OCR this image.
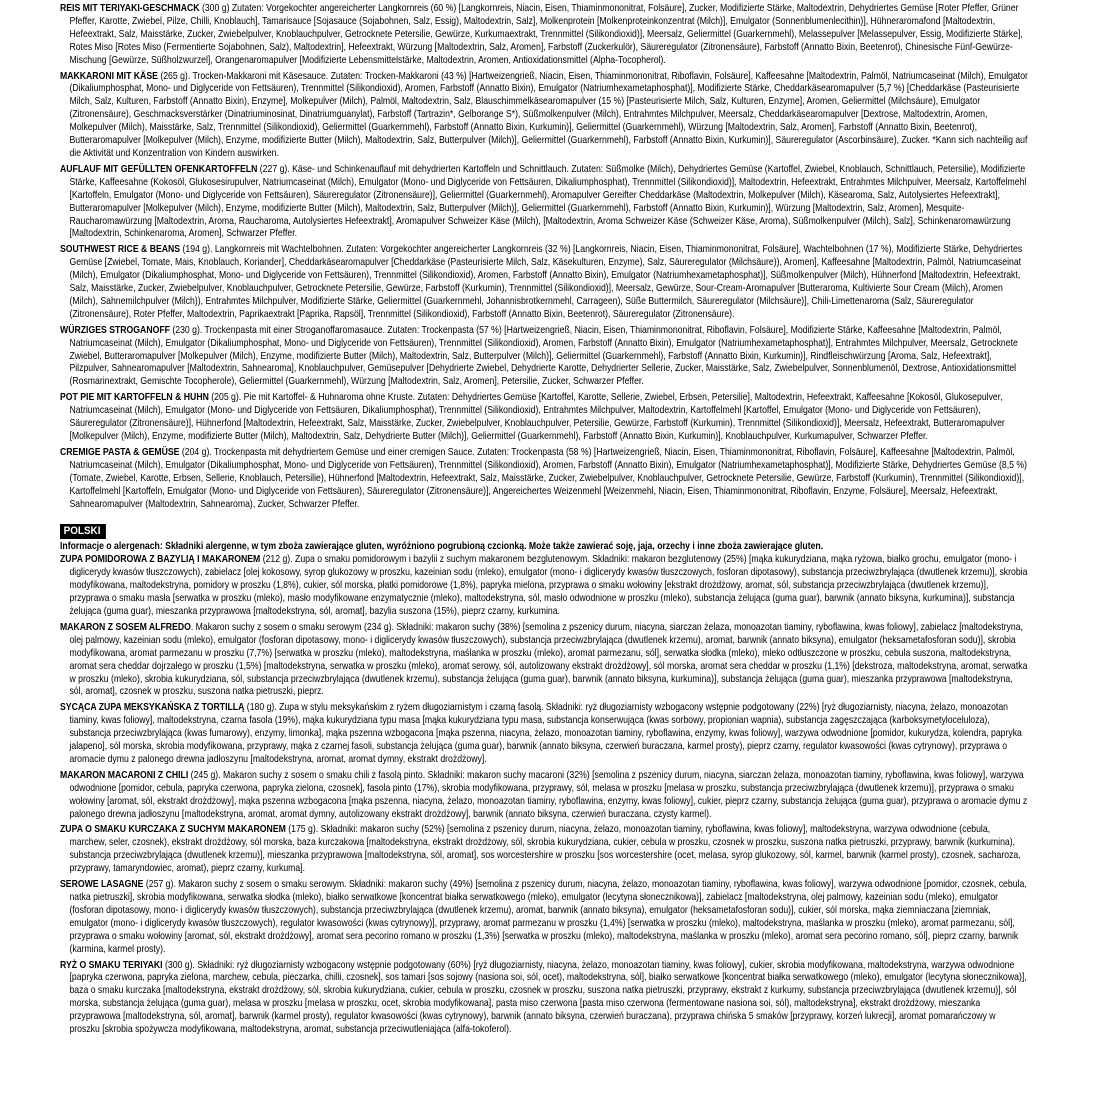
REIS MIT TERIYAKI-GESCHMACK (300 g) Zutaten: Vorgekochter angereicherter Langkornreis (60 %) [Langkornreis, Niacin, Eisen, Thiaminmononitrat, Folsäure], Zucker, Modifizierte Stärke, Maltodextrin, Dehydriertes Gemüse [Roter Pfeffer, Grüner Pfeffer, Karotte, Zwiebel, Pilze, Chilli, Knoblauch], Tamarisauce [Sojasauce (Sojabohnen, Salz, Essig), Maltodextrin, Salz], Molkenprotein [Molkenproteinkonzentrat (Milch)], Emulgator (Sonnenblumenlecithin)], Hühneraromafond [Maltodextrin, Hefeextrakt, Salz, Maisstärke, Zucker, Zwiebelpulver, Knoblauchpulver, Getrocknete Petersilie, Gewürze, Kurkumaextrakt, Trennmittel (Silikondioxid)], Meersalz, Geliermittel (Guarkernmehl), Melassepulver [Melassepulver, Essig, Modifizierte Stärke], Rotes Miso [Rotes Miso (Fermentierte Sojabohnen, Salz), Maltodextrin], Hefeextrakt, Würzung [Maltodextrin, Salz, Aromen], Farbstoff (Zuckerkulör), Säureregulator (Zitronensäure), Farbstoff (Annatto Bixin, Beetenrot), Chinesische Fünf-Gewürze-Mischung [Gewürze, Süßholzwurzel], Orangenaromapulver [Modifizierte Lebensmittelstärke, Maltodextrin, Aromen, Antioxidationsmittel (Alpha-Tocopherol).

MAKKARONI MIT KÄSE (265 g). Trocken-Makkaroni mit Käsesauce. Zutaten: Trocken-Makkaroni (43 %) [Hartweizengrieß, Niacin, Eisen, Thiaminmononitrat, Riboflavin, Folsäure], Kaffeesahne [Maltodextrin, Palmöl, Natriumcaseinat (Milch), Emulgator (Dikaliumphosphat, Mono- und Diglyceride von Fettsäuren), Trennmittel (Silikondioxid), Aromen, Farbstoff (Annatto Bixin), Emulgator (Natriumhexametaphosphat)], Modifizierte Stärke, Cheddarkäsearomapulver (5,7 %) [Cheddarkäse (Pasteurisierte Milch, Salz, Kulturen, Farbstoff (Annatto Bixin), Enzyme], Molkepulver (Milch), Palmöl, Maltodextrin, Salz, Blauschimmelkäsearomapulver (15 %) [Pasteurisierte Milch, Salz, Kulturen, Enzyme], Aromen, Geliermittel (Milchsäure), Emulgator (Zitronensäure), Geschmacksverstärker (Dinatriuminosinat, Dinatriumguanylat), Farbstoff (Tartrazin*, Gelborange S*), Süßmolkenpulver (Milch), Entrahmtes Milchpulver, Meersalz, Cheddarkäsearomapulver [Dextrose, Maltodextrin, Aromen, Molkepulver (Milch), Maisstärke, Salz, Trennmittel (Silikondioxid), Geliermittel (Guarkernmehl), Farbstoff (Annatto Bixin, Kurkumin)], Geliermittel (Guarkernmehl), Würzung [Maltodextrin, Salz, Aromen], Farbstoff (Annatto Bixin, Beetenrot), Butteraromapulver [Molkepulver (Milch), Enzyme, modifizierte Butter (Milch), Maltodextrin, Salz, Butterpulver (Milch)], Geliermittel (Guarkernmehl), Farbstoff (Annatto Bixin, Kurkumin)], Säureregulator (Ascorbinsäure), Zucker. *Kann sich nachteilig auf die Aktivität und Konzentration von Kindern auswirken.

AUFLAUF MIT GEFÜLLTEN OFENKARTOFFELN (227 g). Käse- und Schinkenauflauf mit dehydrierten Kartoffeln und Schnittlauch. Zutaten: Süßmolke (Milch), Dehydriertes Gemüse (Kartoffel, Zwiebel, Knoblauch, Schnittlauch, Petersilie), Modifizierte Stärke, Kaffeesahne (Kokosöl, Glukosesirupulver, Natriumcaseinat (Milch), Emulgator (Mono- und Diglyceride von Fettsäuren, Dikaliumphosphat), Trennmittel (Silikondioxid)], Maltodextrin, Hefeextrakt, Entrahmtes Milchpulver, Meersalz, Kartoffelmehl [Kartoffeln, Emulgator (Mono- und Diglyceride von Fettsäuren), Säureregulator (Zitronensäure)], Geliermittel (Guarkernmehl), Aromapulver Gereifter Cheddarkäse (Maltodextrin, Molkepulver (Milch), Käsearoma, Salz, Autolysiertes Hefeextrakt], Butteraromapulver [Molkepulver (Milch), Enzyme, modifizierte Butter (Milch), Maltodextrin, Salz, Butterpulver (Milch)], Geliermittel (Guarkernmehl), Farbstoff (Annatto Bixin, Kurkumin)], Würzung [Maltodextrin, Salz, Aromen], Mesquite-Raucharomawürzung [Maltodextrin, Aroma, Raucharoma, Autolysiertes Hefeextrakt], Aromapulver Schweizer Käse (Milch), [Maltodextrin, Aroma Schweizer Käse (Schweizer Käse, Aroma), Süßmolkenpulver (Milch), Salz], Schinkenaromawürzung [Maltodextrin, Schinkenaroma, Aromen], Schwarzer Pfeffer.

SOUTHWEST RICE & BEANS (194 g). Langkornreis mit Wachtelbohnen. Zutaten: Vorgekochter angereicherter Langkornreis (32 %) [Langkornreis, Niacin, Eisen, Thiaminmononitrat, Folsäure], Wachtelbohnen (17 %), Modifizierte Stärke, Dehydriertes Gemüse [Zwiebel, Tomate, Mais, Knoblauch, Koriander], Cheddarkäsearomapulver [Cheddarkäse (Pasteurisierte Milch, Salz, Käsekulturen, Enzyme), Salz, Säureregulator (Milchsäure)), Aromen], Kaffeesahne [Maltodextrin, Palmöl, Natriumcaseinat (Milch), Emulgator (Dikaliumphosphat, Mono- und Diglyceride von Fettsäuren), Trennmittel (Silikondioxid), Aromen, Farbstoff (Annatto Bixin), Emulgator (Natriumhexametaphosphat)], Süßmolkenpulver (Milch), Hühnerfond [Maltodextrin, Hefeextrakt, Salz, Maisstärke, Zucker, Zwiebelpulver, Knoblauchpulver, Getrocknete Petersilie, Gewürze, Farbstoff (Kurkumin), Trennmittel (Silikondioxid)], Meersalz, Gewürze, Sour-Cream-Aromapulver [Butteraroma, Kultivierte Sour Cream (Milch), Aromen (Milch), Sahnemilchpulver (Milch)), Entrahmtes Milchpulver, Modifizierte Stärke, Geliermittel (Guarkernmehl, Johannisbrotkernmehl, Carrageen), Süße Buttermilch, Säureregulator (Milchsäure)], Chili-Limettenaroma (Salz, Säureregulator (Zitronensäure), Roter Pfeffer, Maltodextrin, Paprikaextrakt [Paprika, Rapsöl], Trennmittel (Silikondioxid), Farbstoff (Annatto Bixin, Beetenrot), Säureregulator (Zitronensäure).

WÜRZIGES STROGANOFF (230 g). Trockenpasta mit einer Stroganoffaromasauce. Zutaten: Trockenpasta (57 %) [Hartweizengrieß, Niacin, Eisen, Thiaminmononitrat, Riboflavin, Folsäure], Modifizierte Stärke, Kaffeesahne [Maltodextrin, Palmöl, Natriumcaseinat (Milch), Emulgator (Dikaliumphosphat, Mono- und Diglyceride von Fettsäuren), Trennmittel (Silikondioxid), Aromen, Farbstoff (Annatto Bixin), Emulgator (Natriumhexametaphosphat)], Entrahmtes Milchpulver, Meersalz, Getrocknete Zwiebel, Butteraromapulver [Molkepulver (Milch), Enzyme, modifizierte Butter (Milch), Maltodextrin, Salz, Butterpulver (Milch)], Geliermittel (Guarkernmehl), Farbstoff (Annatto Bixin, Kurkumin)], Rindfleischwürzung [Aroma, Salz, Hefeextrakt], Pilzpulver, Sahnearomapulver [Maltodextrin, Sahnearoma], Knoblauchpulver, Gemüsepulver [Dehydrierte Zwiebel, Dehydrierte Karotte, Dehydrierter Sellerie, Zucker, Maisstärke, Salz, Zwiebelpulver, Sonnenblumenöl, Dextrose, Antioxidationsmittel (Rosmarinextrakt, Gemischte Tocopherole), Geliermittel (Guarkernmehl), Würzung [Maltodextrin, Salz, Aromen], Petersilie, Zucker, Schwarzer Pfeffer.

POT PIE MIT KARTOFFELN & HUHN (205 g). Pie mit Kartoffel- & Huhnaroma ohne Kruste. Zutaten: Dehydriertes Gemüse [Kartoffel, Karotte, Sellerie, Zwiebel, Erbsen, Petersilie], Maltodextrin, Hefeextrakt, Kaffeesahne [Kokosöl, Glukosepulver, Natriumcaseinat (Milch), Emulgator (Mono- und Diglyceride von Fettsäuren, Dikaliumphosphat), Trennmittel (Silikondioxid), Entrahmtes Milchpulver, Maltodextrin, Kartoffelmehl [Kartoffel, Emulgator (Mono- und Diglyceride von Fettsäuren), Säureregulator (Zitronensäure)], Hühnerfond [Maltodextrin, Hefeextrakt, Salz, Maisstärke, Zucker, Zwiebelpulver, Knoblauchpulver, Petersilie, Gewürze, Farbstoff (Kurkumin), Trennmittel (Silikondioxid)], Meersalz, Hefeextrakt, Butteraromapulver [Molkepulver (Milch), Enzyme, modifizierte Butter (Milch), Maltodextrin, Salz, Dehydrierte Butter (Milch)], Geliermittel (Guarkernmehl), Farbstoff (Annatto Bixin, Kurkumin)], Knoblauchpulver, Kurkumapulver, Schwarzer Pfeffer.

CREMIGE PASTA & GEMÜSE (204 g). Trockenpasta mit dehydriertem Gemüse und einer cremigen Sauce. Zutaten: Trockenpasta (58 %) [Hartweizengrieß, Niacin, Eisen, Thiaminmononitrat, Riboflavin, Folsäure], Kaffeesahne [Maltodextrin, Palmöl, Natriumcaseinat (Milch), Emulgator (Dikaliumphosphat, Mono- und Diglyceride von Fettsäuren), Trennmittel (Silikondioxid), Aromen, Farbstoff (Annatto Bixin), Emulgator (Natriumhexametaphosphat)], Modifizierte Stärke, Dehydriertes Gemüse (8,5 %) (Tomate, Zwiebel, Karotte, Erbsen, Sellerie, Knoblauch, Petersilie), Hühnerfond [Maltodextrin, Hefeextrakt, Salz, Maisstärke, Zucker, Zwiebelpulver, Knoblauchpulver, Getrocknete Petersilie, Gewürze, Farbstoff (Kurkumin), Trennmittel (Silikondioxid)], Kartoffelmehl [Kartoffeln, Emulgator (Mono- und Diglyceride von Fettsäuren), Säureregulator (Zitronensäure)], Angereichertes Weizenmehl [Weizenmehl, Niacin, Eisen, Thiaminmononitrat, Riboflavin, Enzyme, Folsäure], Meersalz, Hefeextrakt, Sahnearomapulver (Maltodextrin, Sahnearoma), Zucker, Schwarzer Pfeffer.

POLSKI

Informacje o alergenach: Składniki alergenne, w tym zboża zawierające gluten, wyróżniono pogrubioną czcionką. Może także zawierać soję, jaja, orzechy i inne zboża zawierające gluten.

ZUPA POMIDOROWA Z BAZYLIĄ I MAKARONEM (212 g). Zupa o smaku pomidorowym i bazylii z suchym makaronem bezglutenowym. Składniki: makaron bezglutenowy (25%) [mąka kukurydziana, mąka ryżowa, białko grochu, emulgator (mono- i diglicerydy kwasów tłuszczowych), zabielacz [olej kokosowy, syrop glukozowy w proszku, kazeinian sodu (mleko), emulgator (mono- i diglicerydy kwasów tłuszczowych, fosforan dipotasowy), substancja przeciwzbrylająca (dwutlenek krzemu)], skrobia modyfikowana, maltodekstryna, pomidory w proszku (1,8%), cukier, sól morska, płatki pomidorowe (1,8%), papryka mielona, przyprawa o smaku wołowiny [ekstrakt drożdżowy, aromat, sól, substancja przeciwzbrylająca (dwutlenek krzemu)], przyprawa o smaku masła [serwatka w proszku (mleko), masło modyfikowane enzymatycznie (mleko), maltodekstryna, sól, masło odwodnione w proszku (mleko), substancja żelująca (guma guar), barwnik (annato biksyna, kurkumina)], substancja żelująca (guma guar), mieszanka przyprawowa [maltodekstryna, sól, aromat], bazylia suszona (15%), pieprz czarny, kurkumina.

MAKARON Z SOSEM ALFREDO. Makaron suchy z sosem o smaku serowym (234 g). Składniki: makaron suchy (38%) [semolina z pszenicy durum, niacyna, siarczan żelaza, monoazotan tiaminy, ryboflawina, kwas foliowy], zabielacz [maltodekstryna, olej palmowy, kazeinian sodu (mleko), emulgator (fosforan dipotasowy, mono- i diglicerydy kwasów tłuszczowych), substancja przeciwzbrylająca (dwutlenek krzemu), aromat, barwnik (annato biksyna), emulgator (heksametafosforan sodu)], skrobia modyfikowana, aromat parmezanu w proszku (7,7%) [serwatka w proszku (mleko), maltodekstryna, maślanka w proszku (mleko), aromat parmezanu, sól], serwatka słodka (mleko), mleko odtłuszczone w proszku, cebula suszona, maltodekstryna, aromat sera cheddar dojrzałego w proszku (1,5%) [maltodekstryna, serwatka w proszku (mleko), aromat serowy, sól, autolizowany ekstrakt drożdżowy], sól morska, aromat sera cheddar w proszku (1,1%) [dekstroza, maltodekstryna, aromat, serwatka w proszku (mleko), skrobia kukurydziana, sól, substancja przeciwzbrylająca (dwutlenek krzemu), substancja żelująca (guma guar), barwnik (annato biksyna, kurkumina)], substancja żelująca (guma guar), mieszanka przyprawowa [maltodekstryna, sól, aromat], czosnek w proszku, suszona natka pietruszki, pieprz.

SYCĄCA ZUPA MEKSYKAŃSKA Z TORTILLĄ (180 g). Zupa w stylu meksykańskim z ryżem długoziarnistym i czarną fasolą. Składniki: ryż długoziarnisty wzbogacony wstępnie podgotowany (22%) [ryż długoziarnisty, niacyna, żelazo, monoazotan tiaminy, kwas foliowy], maltodekstryna, czarna fasola (19%), mąka kukurydziana typu masa [mąka kukurydziana typu masa, substancja konserwująca (kwas sorbowy, propionian wapnia), substancja zagęszczająca (karboksymetyloceluloza), substancja przeciwzbrylająca (kwas fumarowy), enzymy, limonka], mąka pszenna wzbogacona [mąka pszenna, niacyna, żelazo, monoazotan tiaminy, ryboflawina, enzymy, kwas foliowy], warzywa odwodnione [pomidor, kukurydza, kolendra, papryka jalapeno], sól morska, skrobia modyfikowana, przyprawy, mąka z czarnej fasoli, substancja żelująca (guma guar), barwnik (annato biksyna, czerwień buraczana, karmel prosty), pieprz czarny, regulator kwasowości (kwas cytrynowy), przyprawa o aromacie dymu z palonego drewna jadłoszynu [maltodekstryna, aromat, aromat dymny, ekstrakt drożdżowy].

MAKARON MACARONI Z CHILI (245 g). Makaron suchy z sosem o smaku chili z fasolą pinto. Składniki: makaron suchy macaroni (32%) [semolina z pszenicy durum, niacyna, siarczan żelaza, monoazotan tiaminy, ryboflawina, kwas foliowy], warzywa odwodnione [pomidor, cebula, papryka czerwona, papryka zielona, czosnek], fasola pinto (17%), skrobia modyfikowana, przyprawy, sól, melasa w proszku [melasa w proszku, substancja przeciwzbrylająca (dwutlenek krzemu)], przyprawa o smaku wołowiny [aromat, sól, ekstrakt drożdżowy], mąka pszenna wzbogacona [mąka pszenna, niacyna, żelazo, monoazotan tiaminy, ryboflawina, enzymy, kwas foliowy], cukier, pieprz czarny, substancja żelująca (guma guar), przyprawa o aromacie dymu z palonego drewna jadłoszynu [maltodekstryna, aromat, aromat dymny, autolizowany ekstrakt drożdżowy], barwnik (annato biksyna, czerwień buraczana, czysty karmel).

ZUPA O SMAKU KURCZAKA Z SUCHYM MAKARONEM (175 g). Składniki: makaron suchy (52%) [semolina z pszenicy durum, niacyna, żelazo, monoazotan tiaminy, ryboflawina, kwas foliowy], maltodekstryna, warzywa odwodnione (cebula, marchew, seler, czosnek), ekstrakt drożdżowy, sól morska, baza kurczakowa [maltodekstryna, ekstrakt drożdżowy, sól, skrobia kukurydziana, cukier, cebula w proszku, czosnek w proszku, suszona natka pietruszki, przyprawy, barwnik (kurkumina), substancja przeciwzbrylająca (dwutlenek krzemu)], mieszanka przyprawowa [maltodekstryna, sól, aromat], sos worcestershire w proszku [sos worcestershire (ocet, melasa, syrop glukozowy, sól, karmel, barwnik (karmel prosty), czosnek, sacharoza, przyprawy, tamaryndowiec, aromat), pieprz czarny, kurkuma].

SEROWE LASAGNE (257 g). Makaron suchy z sosem o smaku serowym. Składniki: makaron suchy (49%) [semolina z pszenicy durum, niacyna, żelazo, monoazotan tiaminy, ryboflawina, kwas foliowy], warzywa odwodnione [pomidor, czosnek, cebula, natka pietruszki], skrobia modyfikowana, serwatka słodka (mleko), białko serwatkowe [koncentrat białka serwatkowego (mleko), emulgator (lecytyna słonecznikowa)], zabielacz [maltodekstryna, olej palmowy, kazeinian sodu (mleko), emulgator (fosforan dipotasowy, mono- i diglicerydy kwasów tłuszczowych), substancja przeciwzbrylająca (dwutlenek krzemu), aromat, barwnik (annato biksyna), emulgator (heksametafosforan sodu)], cukier, sól morska, mąka ziemniaczana [ziemniak, emulgator (mono- i diglicerydy kwasów tłuszczowych), regulator kwasowości (kwas cytrynowy)], przyprawy, aromat parmezanu w proszku (1,4%) [serwatka w proszku (mleko), maltodekstryna, maślanka w proszku (mleko), aromat parmezanu, sól], przyprawa o smaku wołowiny [aromat, sól, ekstrakt drożdżowy], aromat sera pecorino romano w proszku (1,3%) [serwatka w proszku (mleko), maltodekstryna, maślanka w proszku (mleko), aromat sera pecorino romano, sól], pieprz czarny, barwnik (karmina, karmel prosty).

RYŻ O SMAKU TERIYAKI (300 g). Składniki: ryż długoziarnisty wzbogacony wstępnie podgotowany (60%) [ryż długoziarnisty, niacyna, żelazo, monoazotan tiaminy, kwas foliowy], cukier, skrobia modyfikowana, maltodekstryna, warzywa odwodnione [papryka czerwona, papryka zielona, marchew, cebula, pieczarka, chilli, czosnek], sos tamari [sos sojowy (nasiona soi, sól, ocet), maltodekstryna, sól], białko serwatkowe [koncentrat białka serwatkowego (mleko), emulgator (lecytyna słonecznikowa)], baza o smaku kurczaka [maltodekstryna, ekstrakt drożdżowy, sól, skrobia kukurydziana, cukier, cebula w proszku, czosnek w proszku, suszona natka pietruszki, przyprawy, ekstrakt z kurkumy, substancja przeciwzbrylająca (dwutlenek krzemu)], sól morska, substancja żelująca (guma guar), melasa w proszku [melasa w proszku, ocet, skrobia modyfikowana], pasta miso czerwona [pasta miso czerwona (fermentowane nasiona soi, sól), maltodekstryna], ekstrakt drożdżowy, mieszanka przyprawowa [maltodekstryna, sól, aromat], barwnik (karmel prosty), regulator kwasowości (kwas cytrynowy), barwnik (annato biksyna, czerwień buraczana), przyprawa chińska 5 smaków [przyprawy, korzeń lukrecji], aromat pomarańczowy w proszku [skrobia spożywcza modyfikowana, maltodekstryna, aromat, substancja przeciwutleniająca (alfa-tokoferol).
